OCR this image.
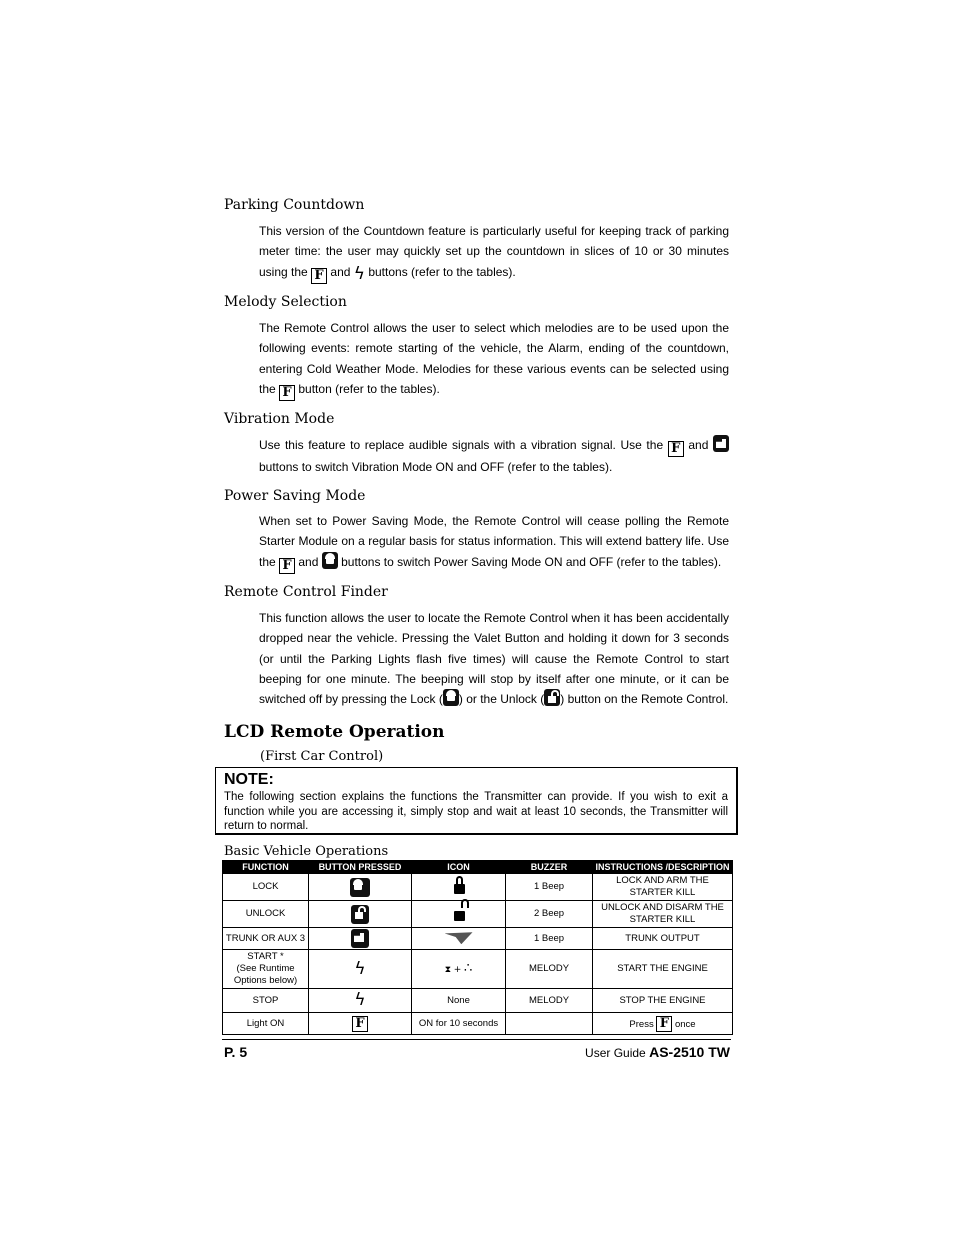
Parking Countdown
This version of the Countdown feature is particularly useful for keeping track of parking meter time: the user may quickly set up the countdown in slices of 10 or 30 minutes using the F and ϟ buttons (refer to the tables).
Melody Selection
The Remote Control allows the user to select which melodies are to be used upon the following events: remote starting of the vehicle, the Alarm, ending of the countdown, entering Cold Weather Mode. Melodies for these various events can be selected using the F button (refer to the tables).
Vibration Mode
Use this feature to replace audible signals with a vibration signal. Use the F and  buttons to switch Vibration Mode ON and OFF (refer to the tables).
Power Saving Mode
When set to Power Saving Mode, the Remote Control will cease polling the Remote Starter Module on a regular basis for status information. This will extend battery life. Use the F and buttons to switch Power Saving Mode ON and OFF (refer to the tables).
Remote Control Finder
This function allows the user to locate the Remote Control when it has been accidentally dropped near the vehicle. Pressing the Valet Button and holding it down for 3 seconds (or until the Parking Lights flash five times) will cause the Remote Control to start beeping for one minute. The beeping will stop by itself after one minute, or it can be switched off by pressing the Lock ( ) or the Unlock ( ) button on the Remote Control.
LCD Remote Operation
(First Car Control)
NOTE:
The following section explains the functions the Transmitter can provide. If you wish to exit a function while you are accessing it, simply stop and wait at least 10 seconds, the Transmitter will return to normal.
Basic Vehicle Operations
FUNCTION	BUTTON PRESSED	ICON	BUZZER	INSTRUCTIONS /DESCRIPTION
LOCK			1 Beep	LOCK AND ARM THE STARTER KILL
UNLOCK			2 Beep	UNLOCK AND DISARM THE STARTER KILL
TRUNK OR AUX 3			1 Beep	TRUNK OUTPUT

START *
(See Runtime
Options below)	ϟ	⧗ + ∴	MELODY	START THE ENGINE
STOP	ϟ	None	MELODY	STOP THE ENGINE
Light ON	F	ON for 10 seconds		Press F once
P. 5	User Guide AS-2510 TW
